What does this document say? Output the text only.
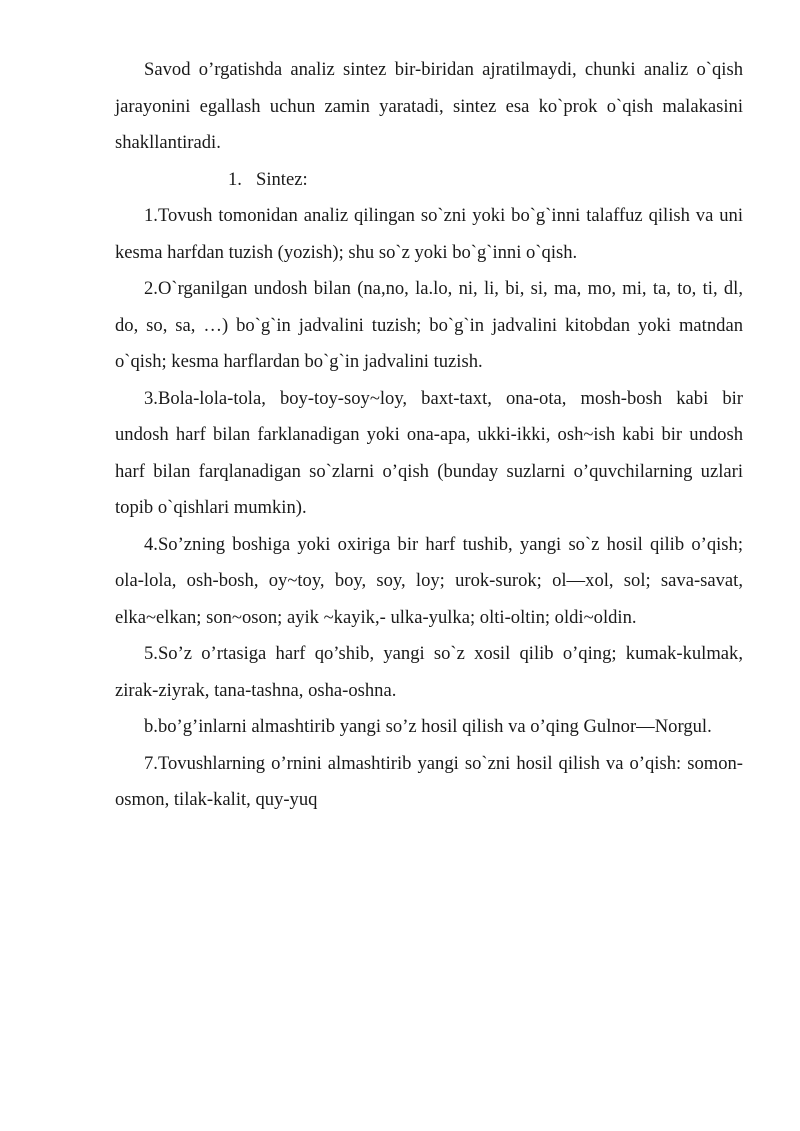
Savod o’rgatishda analiz sintez bir-biridan ajratilmaydi, chunki analiz o`qish jarayonini egallash uchun zamin yaratadi, sintez esa ko`prok o`qish malakasini shakllantiradi.

1. Sintez:

1.Tovush tomonidan analiz qilingan so`zni yoki bo`g`inni talaffuz qilish va uni kesma harfdan tuzish (yozish); shu so`z yoki bo`g`inni o`qish.

2.O`rganilgan undosh bilan (na,no, la.lo, ni, li, bi, si, ma, mo, mi, ta, to, ti, dl, do, so, sa, …) bo`g`in jadvalini tuzish; bo`g`in jadvalini kitobdan yoki matndan o`qish; kesma harflardan bo`g`in jadvalini tuzish.

3.Bola-lola-tola, boy-toy-soy~loy, baxt-taxt, ona-ota, mosh-bosh kabi bir undosh harf bilan farklanadigan yoki ona-apa, ukki-ikki, osh~ish kabi bir undosh harf bilan farqlanadigan so`zlarni o’qish (bunday suzlarni o’quvchilarning uzlari topib o`qishlari mumkin).

4.So’zning boshiga yoki oxiriga bir harf tushib, yangi so`z hosil qilib o’qish; ola-lola, osh-bosh, oy~toy, boy, soy, loy; urok-surok; ol—xol, sol; sava-savat, elka~elkan; son~oson; ayik ~kayik,- ulka-yulka; olti-oltin; oldi~oldin.

5.So’z o’rtasiga harf qo’shib, yangi so`z xosil qilib o’qing; kumak-kulmak, zirak-ziyrak, tana-tashna, osha-oshna.

b.bo’g’inlarni almashtirib yangi so’z hosil qilish va o’qing Gulnor—Norgul.

7.Tovushlarning o’rnini almashtirib yangi so`zni hosil qilish va o’qish: somon-osmon, tilak-kalit, quy-yuq
